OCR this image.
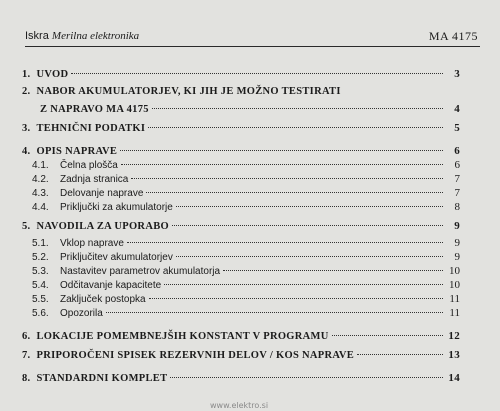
Iskra Merilna elektronika	MA 4175
1. UVOD	3
2. NABOR AKUMULATORJEV, KI JIH JE MOŽNO TESTIRATI
Z NAPRAVO MA 4175	4
3. TEHNIČNI PODATKI	5
4. OPIS NAPRAVE	6
4.1.	Čelna plošča	6
4.2.	Zadnja stranica	7
4.3.	Delovanje naprave	7
4.4.	Priključki za akumulatorje	8
5. NAVODILA ZA UPORABO	9
5.1.	Vklop naprave	9
5.2.	Priključitev akumulatorjev	9
5.3.	Nastavitev parametrov akumulatorja	10
5.4.	Odčitavanje kapacitete	10
5.5.	Zaključek postopka	11
5.6.	Opozorila	11
6. LOKACIJE POMEMBNEJŠIH KONSTANT V PROGRAMU	12
7. PRIPOROČENI SPISEK REZERVNIH DELOV / KOS NAPRAVE	13
8. STANDARDNI KOMPLET	14
www.elektro.si
